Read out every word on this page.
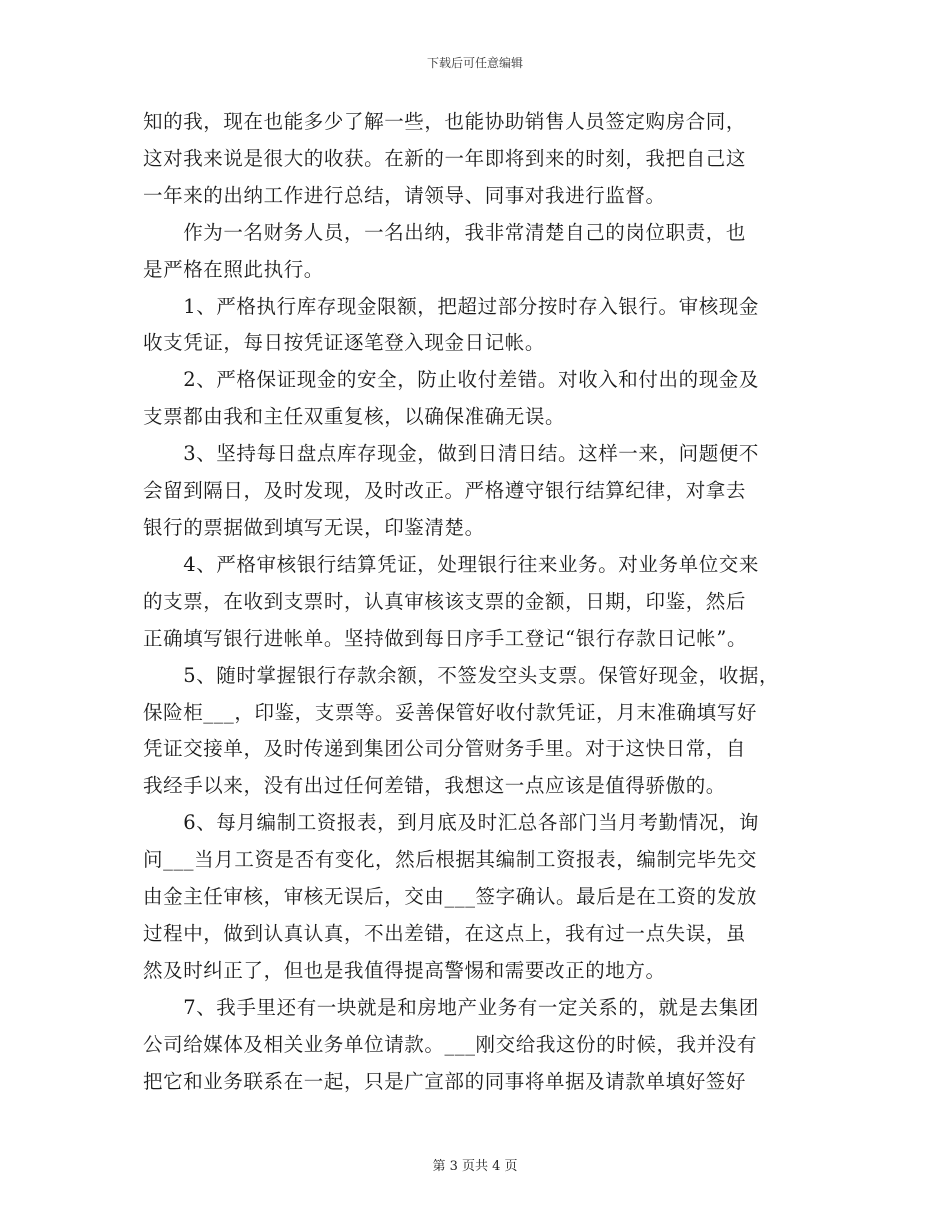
下载后可任意编辑

知的我，现在也能多少了解一些，也能协助销售人员签定购房合同，
这对我来说是很大的收获。在新的一年即将到来的时刻，我把自己这
一年来的出纳工作进行总结，请领导、同事对我进行监督。

　　作为一名财务人员，一名出纳，我非常清楚自己的岗位职责，也
是严格在照此执行。

　　1、严格执行库存现金限额，把超过部分按时存入银行。审核现金
收支凭证，每日按凭证逐笔登入现金日记帐。

　　2、严格保证现金的安全，防止收付差错。对收入和付出的现金及
支票都由我和主任双重复核，以确保准确无误。

　　3、坚持每日盘点库存现金，做到日清日结。这样一来，问题便不
会留到隔日，及时发现，及时改正。严格遵守银行结算纪律，对拿去
银行的票据做到填写无误，印鉴清楚。

　　4、严格审核银行结算凭证，处理银行往来业务。对业务单位交来
的支票，在收到支票时，认真审核该支票的金额，日期，印鉴，然后
正确填写银行进帐单。坚持做到每日序手工登记“银行存款日记帐”。

　　5、随时掌握银行存款余额，不签发空头支票。保管好现金，收据，
保险柜___，印鉴，支票等。妥善保管好收付款凭证，月末准确填写好
凭证交接单，及时传递到集团公司分管财务手里。对于这快日常，自
我经手以来，没有出过任何差错，我想这一点应该是值得骄傲的。

　　6、每月编制工资报表，到月底及时汇总各部门当月考勤情况，询
问___当月工资是否有变化，然后根据其编制工资报表，编制完毕先交
由金主任审核，审核无误后，交由___签字确认。最后是在工资的发放
过程中，做到认真认真，不出差错，在这点上，我有过一点失误，虽
然及时纠正了，但也是我值得提高警惕和需要改正的地方。

　　7、我手里还有一块就是和房地产业务有一定关系的，就是去集团
公司给媒体及相关业务单位请款。___刚交给我这份的时候，我并没有
把它和业务联系在一起，只是广宣部的同事将单据及请款单填好签好

第 3 页共 4 页
